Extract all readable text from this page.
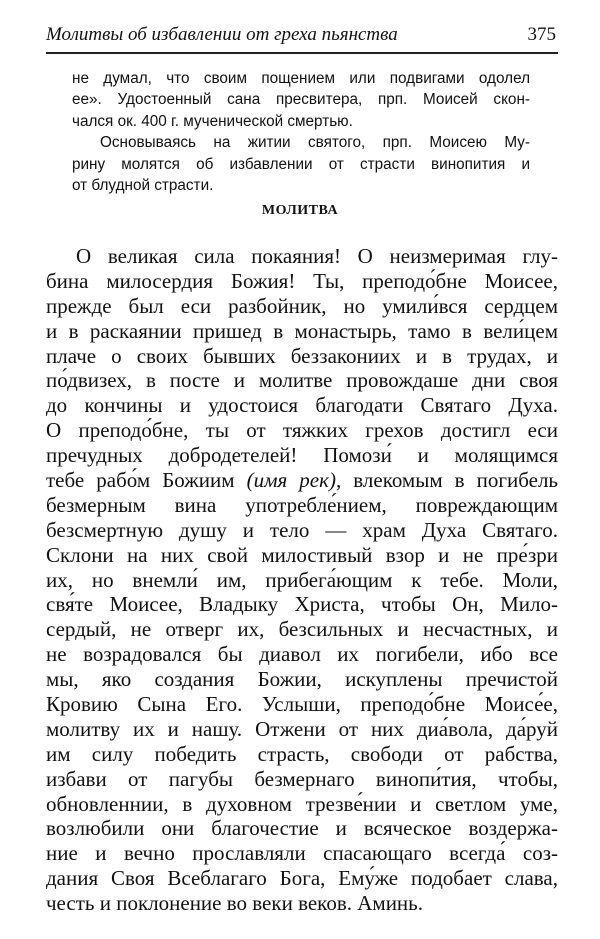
Молитвы об избавлении от греха пьянства	375
не думал, что своим пощением или подвигами одолел
ее». Удостоенный сана пресвитера, прп. Моисей скон-
чался ок. 400 г. мученической смертью.
Основываясь на житии святого, прп. Моисею Му-
рину молятся об избавлении от страсти винопития и
от блудной страсти.
МОЛИТВА
О великая сила покаяния! О неизмеримая глу-
бина милосердия Божия! Ты, преподо́бне Моисее,
прежде был еси разбойник, но умили́вся сердцем
и в раскаянии пришед в монастырь, тамо в вели́цем
плаче о своих бывших беззакониих и в трудах, и
по́двизех, в посте и молитве провождаше дни своя
до кончины и удостоися благодати Святаго Духа.
О преподо́бне, ты от тяжких грехов достигл еси
пречудных добродетелей! Помози́ и молящимся
тебе рабо́м Божиим (имя рек), влекомым в погибель
безмерным вина употребле́нием, повреждающим
безсмертную душу и тело — храм Духа Святаго.
Склони на них свой милостивый взор и не пре́зри
их, но внемли́ им, прибега́ющим к тебе. Моли,
свя́те Моисее, Владыку Христа, чтобы Он, Мило-
сердый, не отверг их, безсильных и несчастных, и
не возрадовался бы диавол их погибели, ибо все
мы, яко создания Божии, искуплены пречистой
Кровию Сына Его. Услыши, преподо́бне Моисе́е,
молитву их и нашу. Отжени от них диа́вола, да́руй
им силу победить страсть, свободи от рабства,
избави от пагубы безмернаго винопи́тия, чтобы,
обновленнии, в духовном трезве́нии и светлом уме,
возлюбили они благочестие и всяческое воздержа-
ние и вечно прославляли спасающаго всегда́ соз-
дания Своя Всеблагаго Бога, Ему́же подобает слава,
честь и поклонение во веки веков. Аминь.
